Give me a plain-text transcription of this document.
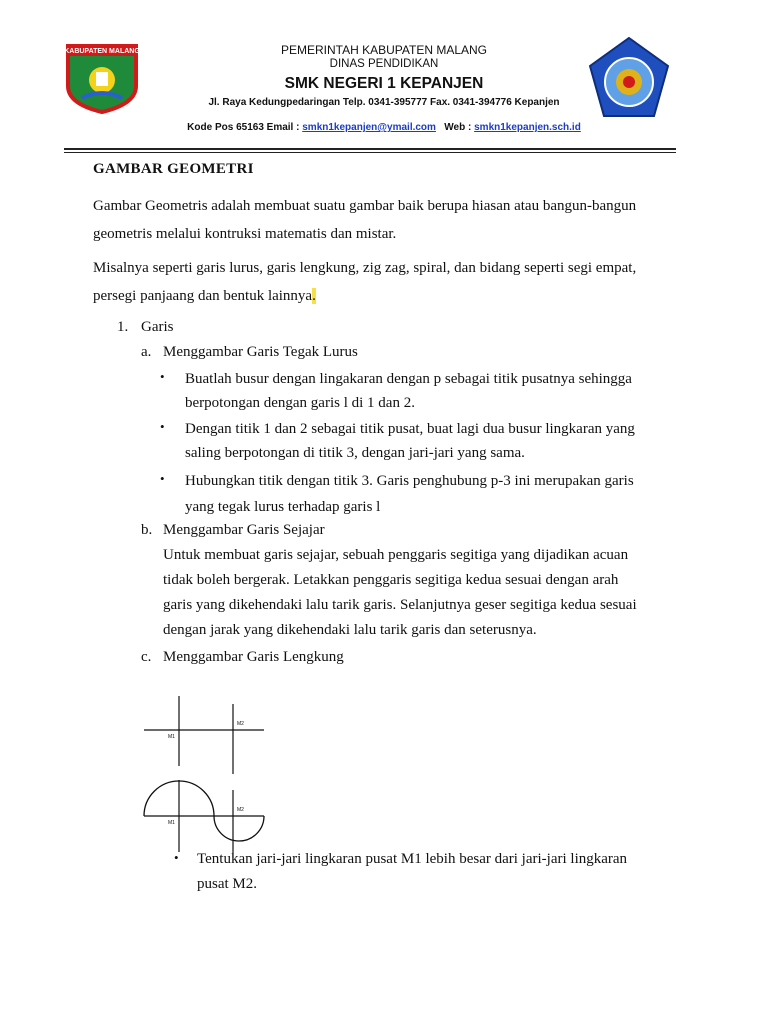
KABUPATEN MALANG	PEMERINTAH KABUPATEN MALANG
DINAS PENDIDIKAN
SMK NEGERI 1 KEPANJEN
Jl. Raya Kedungpedaringan Telp. 0341-395777 Fax. 0341-394776 Kepanjen
Kode Pos 65163 Email : smkn1kepanjen@ymail.com Web : smkn1kepanjen.sch.id
GAMBAR GEOMETRI
Gambar Geometris adalah membuat suatu gambar baik berupa hiasan atau bangun-bangun
geometris melalui kontruksi matematis dan mistar.
Misalnya seperti garis lurus, garis lengkung, zig zag, spiral, dan bidang seperti segi empat,
persegi panjaang dan bentuk lainnya.
1. Garis
a. Menggambar Garis Tegak Lurus
• Buatlah busur dengan lingakaran dengan p sebagai titik pusatnya sehingga
berpotongan dengan garis l di 1 dan 2.
• Dengan titik 1 dan 2 sebagai titik pusat, buat lagi dua busur lingkaran yang
saling berpotongan di titik 3, dengan jari-jari yang sama.
• Hubungkan titik dengan titik 3. Garis penghubung p-3 ini merupakan garis
yang tegak lurus terhadap garis l
b. Menggambar Garis Sejajar
Untuk membuat garis sejajar, sebuah penggaris segitiga yang dijadikan acuan
tidak boleh bergerak. Letakkan penggaris segitiga kedua sesuai dengan arah
garis yang dikehendaki lalu tarik garis. Selanjutnya geser segitiga kedua sesuai
dengan jarak yang dikehendaki lalu tarik garis dan seterusnya.
c. Menggambar Garis Lengkung
M1
M2
M1
M2
• Tentukan jari-jari lingkaran pusat M1 lebih besar dari jari-jari lingkaran
pusat M2.
